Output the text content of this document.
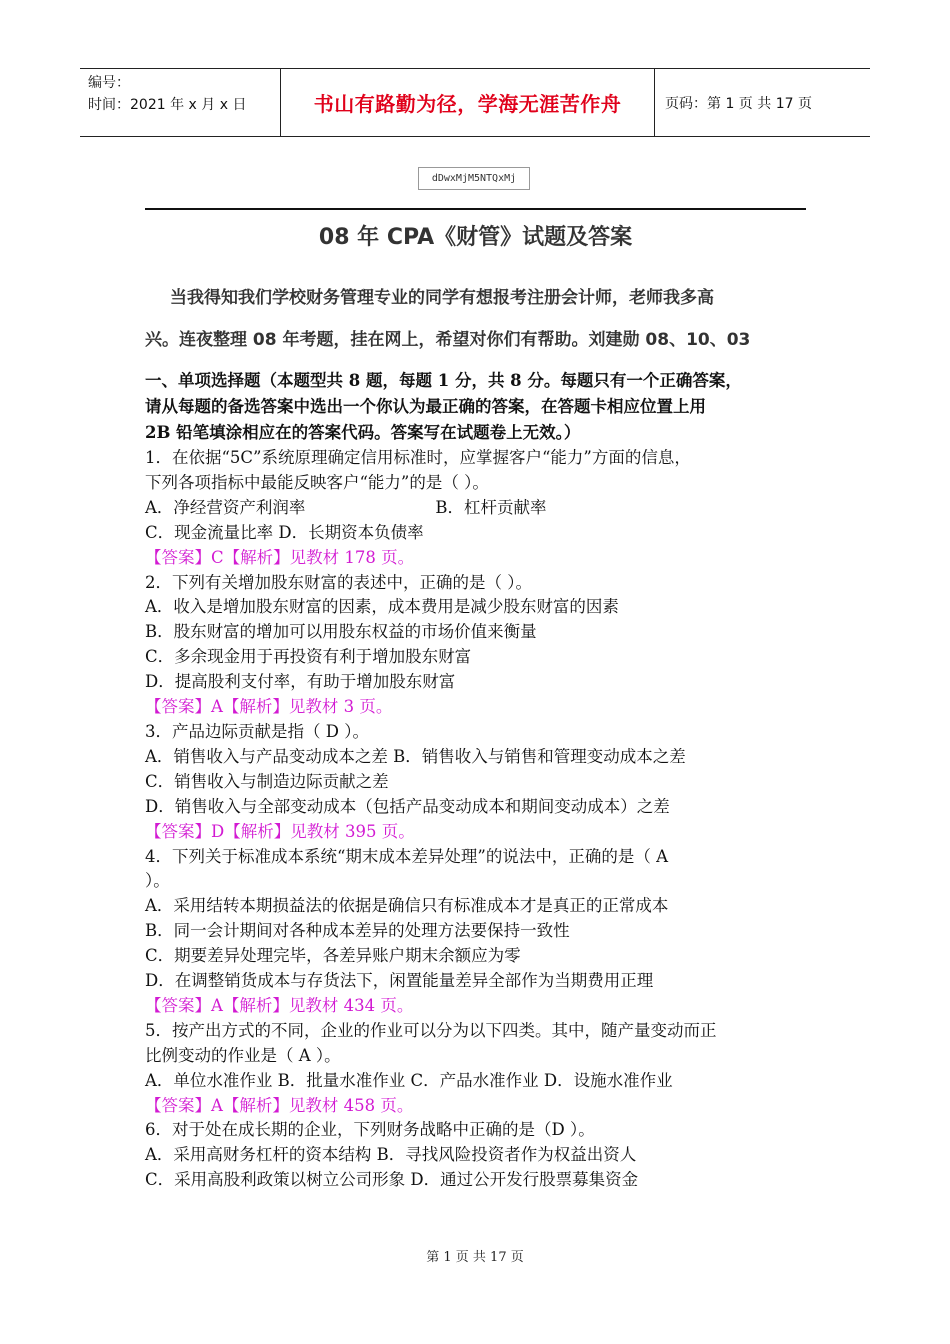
编号：
时间：2021 年 x 月 x 日	书山有路勤为径，学海无涯苦作舟	页码：第 1 页 共 17 页
dDwxMjM5NTQxMj
08 年 CPA《财管》试题及答案
当我得知我们学校财务管理专业的同学有想报考注册会计师，老师我多高
兴。连夜整理 08 年考题，挂在网上，希望对你们有帮助。刘建勋 08、10、03
一、单项选择题（本题型共 8 题，每题 1 分，共 8 分。每题只有一个正确答案，
请从每题的备选答案中选出一个你认为最正确的答案，在答题卡相应位置上用
2B 铅笔填涂相应在的答案代码。答案写在试题卷上无效。）
1．在依据“5C”系统原理确定信用标准时，应掌握客户“能力”方面的信息，
下列各项指标中最能反映客户“能力”的是（ ）。
A．净经营资产利润率	B．杠杆贡献率
C．现金流量比率 D．长期资本负债率
【答案】C【解析】见教材 178 页。
2．下列有关增加股东财富的表述中，正确的是（ ）。
A．收入是增加股东财富的因素，成本费用是减少股东财富的因素
B．股东财富的增加可以用股东权益的市场价值来衡量
C．多余现金用于再投资有利于增加股东财富
D．提高股利支付率，有助于增加股东财富
【答案】A【解析】见教材 3 页。
3．产品边际贡献是指（ D ）。
A．销售收入与产品变动成本之差 B．销售收入与销售和管理变动成本之差
C．销售收入与制造边际贡献之差
D．销售收入与全部变动成本（包括产品变动成本和期间变动成本）之差
【答案】D【解析】见教材 395 页。
4．下列关于标准成本系统“期末成本差异处理”的说法中，正确的是（ A
）。
A．采用结转本期损益法的依据是确信只有标准成本才是真正的正常成本
B．同一会计期间对各种成本差异的处理方法要保持一致性
C．期要差异处理完毕，各差异账户期末余额应为零
D．在调整销货成本与存货法下，闲置能量差异全部作为当期费用正理
【答案】A【解析】见教材 434 页。
5．按产出方式的不同，企业的作业可以分为以下四类。其中，随产量变动而正
比例变动的作业是（ A ）。
A．单位水准作业 B．批量水准作业 C．产品水准作业 D．设施水准作业
【答案】A【解析】见教材 458 页。
6．对于处在成长期的企业，下列财务战略中正确的是（D ）。
A．采用高财务杠杆的资本结构 B．寻找风险投资者作为权益出资人
C．采用高股利政策以树立公司形象 D．通过公开发行股票募集资金
第 1 页 共 17 页
